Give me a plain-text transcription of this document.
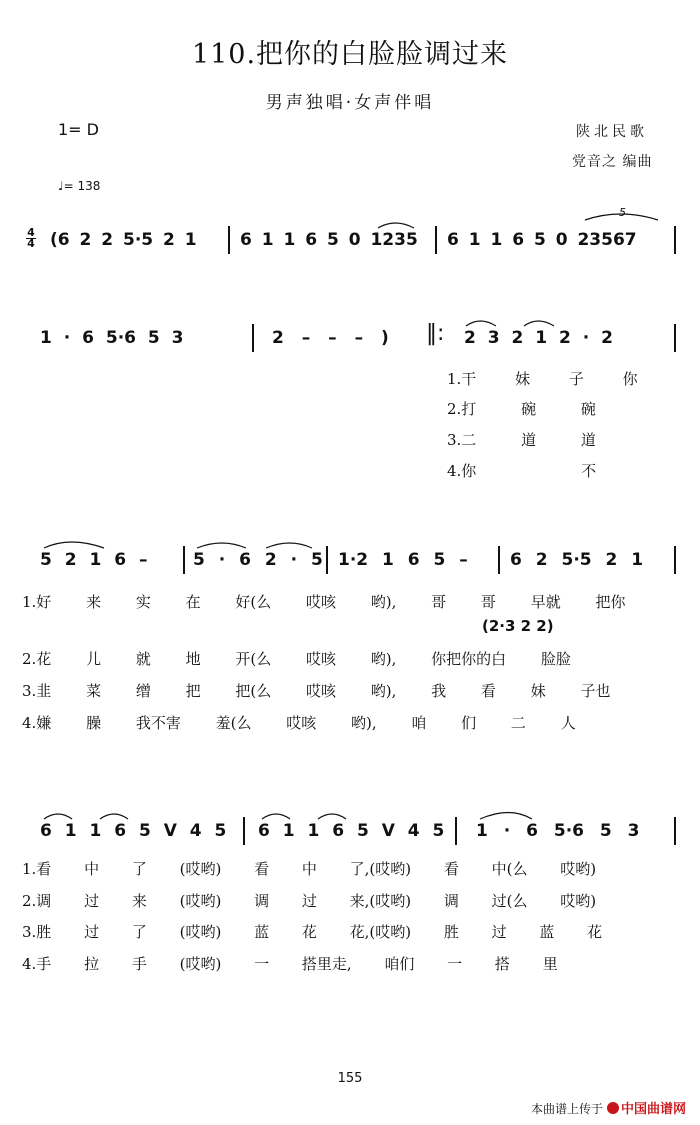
110.把你的白脸脸调过来
男声独唱·女声伴唱
1= D	陕北民歌
党音之 编曲
♩= 138
4
4 (6 2 2 5·5 2 1	6 1 1 6 5 0 1235 6 1 1 6 5 0 23567
5
1 · 6 5·6 5 3	2 – – – ) ‖: 2 3 2 1 2 · 2
1.干 妹 子 你
2.打 碗 碗
3.二 道 道
4.你 不
5 2 1 6 –	5 · 6 2 · 5 1·2 1 6 5 – 6 2 5·5 2 1
1.好 来 实 在 好(么 哎咳 哟), 哥 哥 早就 把你
(2·3 2 2)
2.花 儿 就 地 开(么 哎咳 哟), 你把你的白 脸脸
3.韭 菜 缯 把 把(么 哎咳 哟), 我 看 妹 子也
4.嫌 臊 我不害 羞(么 哎咳 哟), 咱 们 二 人
6 1 1 6 5 V 4 5 6 1 1 6 5 V 4 5 1 · 6 5·6 5 3
1.看 中 了 (哎哟) 看 中 了,(哎哟) 看 中(么 哎哟)
2.调 过 来 (哎哟) 调 过 来,(哎哟) 调 过(么 哎哟)
3.胜 过 了 (哎哟) 蓝 花 花,(哎哟) 胜 过 蓝 花
4.手 拉 手 (哎哟) 一 搭里走, 咱们 一 搭 里
155
本曲谱上传于 中国曲谱网
